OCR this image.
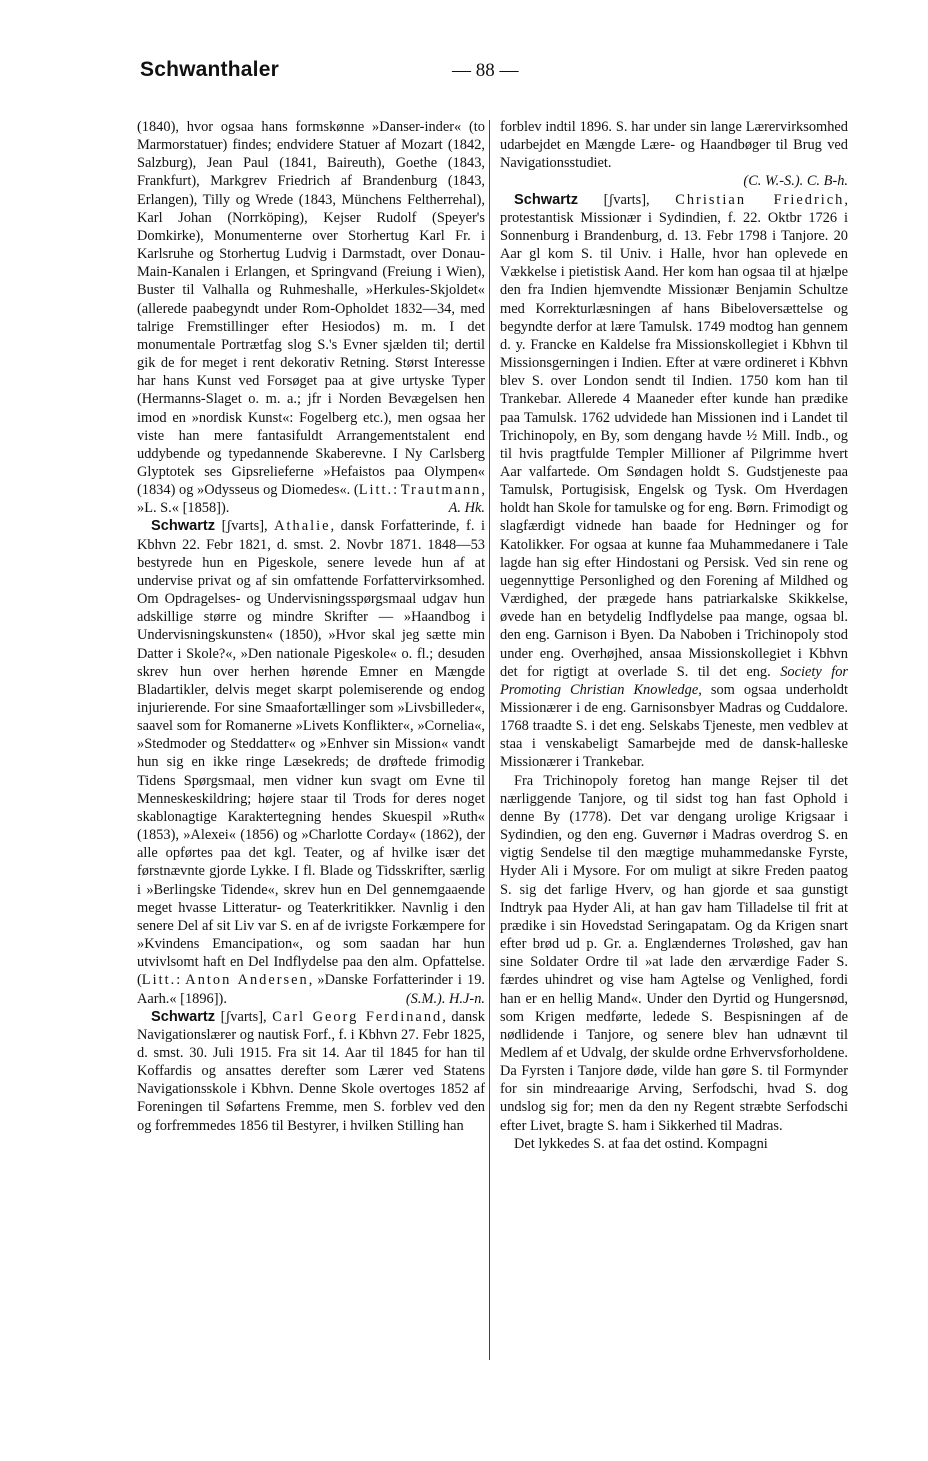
Schwanthaler	— 88 —

(1840), hvor ogsaa hans formskønne »Danser-inder« (to Marmorstatuer) findes; endvidere Statuer af Mozart (1842, Salzburg), Jean Paul (1841, Baireuth), Goethe (1843, Frankfurt), Markgrev Friedrich af Brandenburg (1843, Erlangen), Tilly og Wrede (1843, Münchens Feltherrehal), Karl Johan (Norrköping), Kejser Rudolf (Speyer's Domkirke), Monumenterne over Storhertug Karl Fr. i Karlsruhe og Storhertug Ludvig i Darmstadt, over Donau-Main-Kanalen i Erlangen, et Springvand (Freiung i Wien), Buster til Valhalla og Ruhmeshalle, »Herkules-Skjoldet« (allerede paabegyndt under Rom-Opholdet 1832—34, med talrige Fremstillinger efter Hesiodos) m. m. I det monumentale Portrætfag slog S.'s Evner sjælden til; dertil gik de for meget i rent dekorativ Retning. Størst Interesse har hans Kunst ved Forsøget paa at give urtyske Typer (Hermanns-Slaget o. m. a.; jfr i Norden Bevægelsen hen imod en »nordisk Kunst«: Fogelberg etc.), men ogsaa her viste han mere fantasifuldt Arrangementstalent end uddybende og typedannende Skaberevne. I Ny Carlsberg Glyptotek ses Gipsrelieferne »Hefaistos paa Olympen« (1834) og »Odysseus og Diomedes«. (Litt.: Trautmann, »L. S.« [1858]).	A. Hk.

Schwartz [ʃvarts], Athalie, dansk Forfatterinde, f. i Kbhvn 22. Febr 1821, d. smst. 2. Novbr 1871. 1848—53 bestyrede hun en Pigeskole, senere levede hun af at undervise privat og af sin omfattende Forfattervirksomhed. Om Opdragelses- og Undervisningsspørgsmaal udgav hun adskillige større og mindre Skrifter — »Haandbog i Undervisningskunsten« (1850), »Hvor skal jeg sætte min Datter i Skole?«, »Den nationale Pigeskole« o. fl.; desuden skrev hun over herhen hørende Emner en Mængde Bladartikler, delvis meget skarpt polemiserende og endog injurierende. For sine Smaafortællinger som »Livsbilleder«, saavel som for Romanerne »Livets Konflikter«, »Cornelia«, »Stedmoder og Steddatter« og »Enhver sin Mission« vandt hun sig en ikke ringe Læsekreds; de drøftede frimodig Tidens Spørgsmaal, men vidner kun svagt om Evne til Menneskeskildring; højere staar til Trods for deres noget skablonagtige Karaktertegning hendes Skuespil »Ruth« (1853), »Alexei« (1856) og »Charlotte Corday« (1862), der alle opførtes paa det kgl. Teater, og af hvilke især det førstnævnte gjorde Lykke. I fl. Blade og Tidsskrifter, særlig i »Berlingske Tidende«, skrev hun en Del gennemgaaende meget hvasse Litteratur- og Teaterkritikker. Navnlig i den senere Del af sit Liv var S. en af de ivrigste Forkæmpere for »Kvindens Emancipation«, og som saadan har hun utvivlsomt haft en Del Indflydelse paa den alm. Opfattelse. (Litt.: Anton Andersen, »Danske Forfatterinder i 19. Aarh.« [1896]).	(S.M.). H.J-n.

Schwartz [ʃvarts], Carl Georg Ferdinand, dansk Navigationslærer og nautisk Forf., f. i Kbhvn 27. Febr 1825, d. smst. 30. Juli 1915. Fra sit 14. Aar til 1845 for han til Koffardis og ansattes derefter som Lærer ved Statens Navigationsskole i Kbhvn. Denne Skole overtoges 1852 af Foreningen til Søfartens Fremme, men S. forblev ved den og forfremmedes 1856 til Bestyrer, i hvilken Stilling han

forblev indtil 1896. S. har under sin lange Lærervirksomhed udarbejdet en Mængde Lære- og Haandbøger til Brug ved Navigationsstudiet.
(C. W.-S.). C. B-h.

Schwartz [ʃvarts], Christian Friedrich, protestantisk Missionær i Sydindien, f. 22. Oktbr 1726 i Sonnenburg i Brandenburg, d. 13. Febr 1798 i Tanjore. 20 Aar gl kom S. til Univ. i Halle, hvor han oplevede en Vækkelse i pietistisk Aand. Her kom han ogsaa til at hjælpe den fra Indien hjemvendte Missionær Benjamin Schultze med Korrekturlæsningen af hans Bibeloversættelse og begyndte derfor at lære Tamulsk. 1749 modtog han gennem d. y. Francke en Kaldelse fra Missionskollegiet i Kbhvn til Missionsgerningen i Indien. Efter at være ordineret i Kbhvn blev S. over London sendt til Indien. 1750 kom han til Trankebar. Allerede 4 Maaneder efter kunde han prædike paa Tamulsk. 1762 udvidede han Missionen ind i Landet til Trichinopoly, en By, som dengang havde ½ Mill. Indb., og til hvis pragtfulde Templer Millioner af Pilgrimme hvert Aar valfartede. Om Søndagen holdt S. Gudstjeneste paa Tamulsk, Portugisisk, Engelsk og Tysk. Om Hverdagen holdt han Skole for tamulske og for eng. Børn. Frimodigt og slagfærdigt vidnede han baade for Hedninger og for Katolikker. For ogsaa at kunne faa Muhammedanere i Tale lagde han sig efter Hindostani og Persisk. Ved sin rene og uegennyttige Personlighed og den Forening af Mildhed og Værdighed, der prægede hans patriarkalske Skikkelse, øvede han en betydelig Indflydelse paa mange, ogsaa bl. den eng. Garnison i Byen. Da Naboben i Trichinopoly stod under eng. Overhøjhed, ansaa Missionskollegiet i Kbhvn det for rigtigt at overlade S. til det eng. Society for Promoting Christian Knowledge, som ogsaa underholdt Missionærer i de eng. Garnisonsbyer Madras og Cuddalore. 1768 traadte S. i det eng. Selskabs Tjeneste, men vedblev at staa i venskabeligt Samarbejde med de dansk-halleske Missionærer i Trankebar.

Fra Trichinopoly foretog han mange Rejser til det nærliggende Tanjore, og til sidst tog han fast Ophold i denne By (1778). Det var dengang urolige Krigsaar i Sydindien, og den eng. Guvernør i Madras overdrog S. en vigtig Sendelse til den mægtige muhammedanske Fyrste, Hyder Ali i Mysore. For om muligt at sikre Freden paatog S. sig det farlige Hverv, og han gjorde et saa gunstigt Indtryk paa Hyder Ali, at han gav ham Tilladelse til frit at prædike i sin Hovedstad Seringapatam. Og da Krigen snart efter brød ud p. Gr. a. Englændernes Troløshed, gav han sine Soldater Ordre til »at lade den ærværdige Fader S. færdes uhindret og vise ham Agtelse og Venlighed, fordi han er en hellig Mand«. Under den Dyrtid og Hungersnød, som Krigen medførte, ledede S. Bespisningen af de nødlidende i Tanjore, og senere blev han udnævnt til Medlem af et Udvalg, der skulde ordne Erhvervsforholdene. Da Fyrsten i Tanjore døde, vilde han gøre S. til Formynder for sin mindreaarige Arving, Serfodschi, hvad S. dog undslog sig for; men da den ny Regent stræbte Serfodschi efter Livet, bragte S. ham i Sikkerhed til Madras.

Det lykkedes S. at faa det ostind. Kompagni
